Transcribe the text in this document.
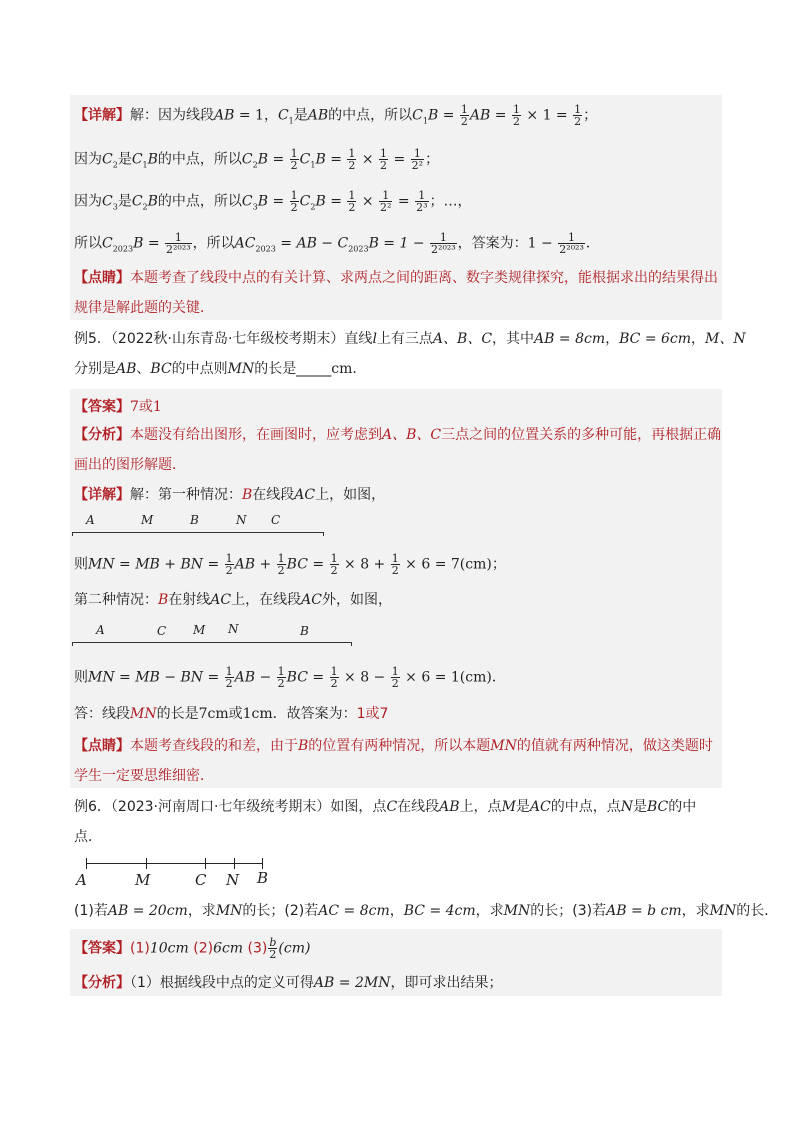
【详解】解：因为线段AB = 1，$C_1$是AB的中点，所以$C_1B = \frac{1}{2}$ AB = $\frac{1}{2} \times 1 = \frac{1}{2}$ ；
因为$C_2$是$C_1B$的中点，所以$C_2B = \frac{1}{2} C_1B = \frac{1}{2} \times \frac{1}{2} = \frac{1}{\text{2²}}$ ；
因为$C_3$是$C_2B$的中点，所以$C_3B = \frac{1}{2} C_2B = \frac{1}{2} \times \frac{1}{\text{2²}} = \frac{1}{\text{2³}}$ ；…，
所以$C_{2023}B = \frac{1}{\text{2²⁰²³}}$ ，所以$AC_{2023}$ = AB − $C_{2023}B = 1 - \frac{1}{\text{2²⁰²³}}$ ，答案为：$1 - \frac{1}{\text{2²⁰²³}}$ ．
【点睛】本题考查了线段中点的有关计算、求两点之间的距离、数字类规律探究，能根据求出的结果得出
规律是解此题的关键．
例5．（2022秋·山东青岛·七年级校考期末）直线l上有三点A、B、C，其中AB = 8cm，BC = 6cm，M、N
分别是AB、BC的中点则MN的长是_____cm．
【答案】7或1
【分析】本题没有给出图形，在画图时，应考虑到A、B、C三点之间的位置关系的多种可能，再根据正确
画出的图形解题．
【详解】解：第一种情况：B在线段AC上，如图，
A	M	B	N C
则MN = MB + BN = $\frac{1}{2}$ AB + $\frac{1}{2}$ BC = $\frac{1}{2} \times 8 + \frac{1}{2} \times 6 = 7(cm)$；
第二种情况：B在射线AC上，在线段AC外，如图，
A	C M N	B
则MN = MB − BN = $\frac{1}{2}$ AB − $\frac{1}{2}$ BC = $\frac{1}{2} \times 8 - \frac{1}{2} \times 6 = 1(cm)$．
答：线段MN的长是7cm或1cm．故答案为：1或7
【点睛】本题考查线段的和差，由于B的位置有两种情况，所以本题MN的值就有两种情况，做这类题时
学生一定要思维细密．
例6．（2023·河南周口·七年级统考期末）如图，点C在线段AB上，点M是AC的中点，点N是BC的中
点．
A	M	C N B
(1)若AB = 20cm，求MN的长；(2)若AC = 8cm，BC = 4cm，求MN的长；(3)若AB = b cm，求MN的长．
【答案】(1)10cm (2)6cm $(3) \frac{b}{2} (cm)$
【分析】（1）根据线段中点的定义可得AB = 2MN，即可求出结果；
